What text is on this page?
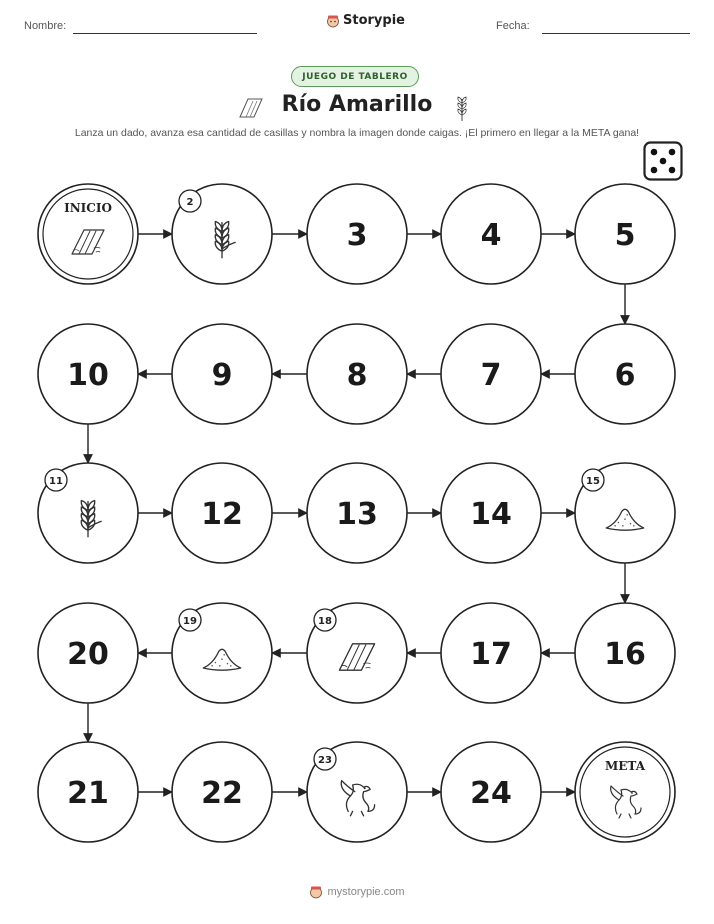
Nombre:	Storypie	Fecha:
JUEGO DE TABLERO
Río Amarillo
Lanza un dado, avanza esa cantidad de casillas y nombra la imagen donde caigas. ¡El primero en llegar a la META gana!
INICIO	2
3	4	5
6
7
8
9
10
11
12	13	14
15
16
17
18
19
20
21	22
23
24
META
mystorypie.com
